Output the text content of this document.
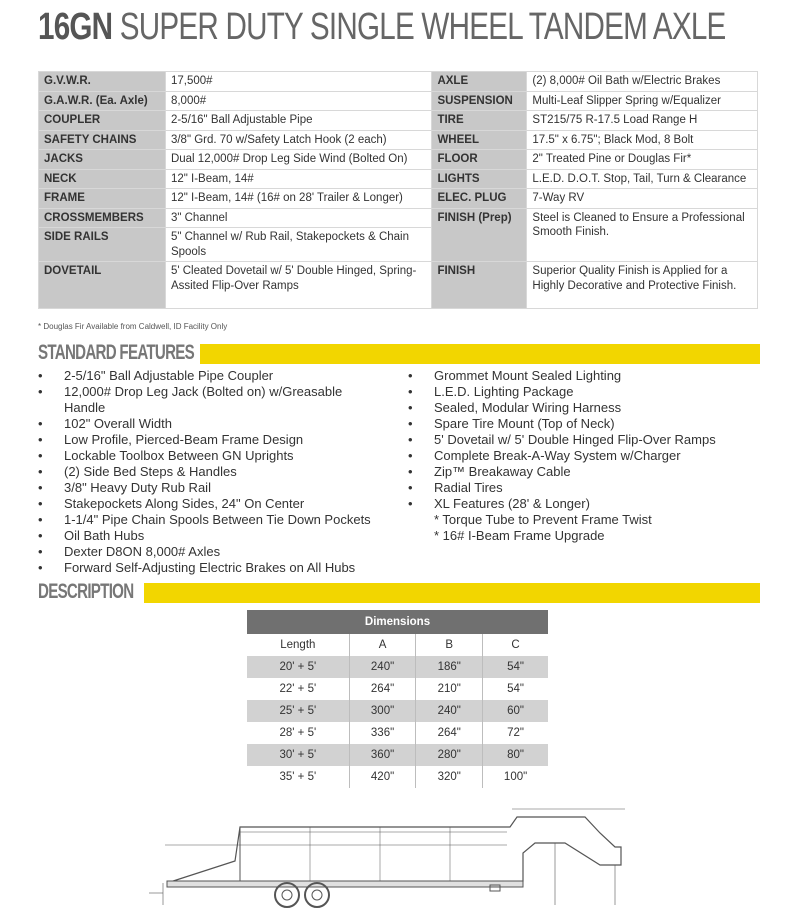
16GN SUPER DUTY SINGLE WHEEL TANDEM AXLE
G.V.W.R.	17,500#	AXLE	(2) 8,000# Oil Bath w/Electric Brakes
G.A.W.R. (Ea. Axle)	8,000#	SUSPENSION	Multi-Leaf Slipper Spring w/Equalizer
COUPLER	2-5/16" Ball Adjustable Pipe	TIRE	ST215/75 R-17.5 Load Range H
SAFETY CHAINS	3/8" Grd. 70 w/Safety Latch Hook (2 each)	WHEEL	17.5" x 6.75"; Black Mod, 8 Bolt
JACKS	Dual 12,000# Drop Leg Side Wind (Bolted On)	FLOOR	2" Treated Pine or Douglas Fir*
NECK	12" I-Beam, 14#	LIGHTS	L.E.D. D.O.T. Stop, Tail, Turn & Clearance
FRAME	12" I-Beam, 14# (16# on 28' Trailer & Longer)	ELEC. PLUG	7-Way RV
CROSSMEMBERS	3" Channel	FINISH (Prep)	Steel is Cleaned to Ensure a Professional Smooth Finish.
SIDE RAILS	5" Channel w/ Rub Rail, Stakepockets & Chain Spools		
DOVETAIL	5' Cleated Dovetail w/ 5' Double Hinged, Spring-Assited Flip-Over Ramps	FINISH	Superior Quality Finish is Applied for a Highly Decorative and Protective Finish.
* Douglas Fir Available from Caldwell, ID Facility Only
STANDARD FEATURES
• 2-5/16" Ball Adjustable Pipe Coupler
• 12,000# Drop Leg Jack (Bolted on) w/Greasable Handle
• 102" Overall Width
• Low Profile, Pierced-Beam Frame Design
• Lockable Toolbox Between GN Uprights
• (2) Side Bed Steps & Handles
• 3/8" Heavy Duty Rub Rail
• Stakepockets Along Sides, 24" On Center
• 1-1/4" Pipe Chain Spools Between Tie Down Pockets
• Oil Bath Hubs
• Dexter D8ON 8,000# Axles
• Forward Self-Adjusting Electric Brakes on All Hubs
• Grommet Mount Sealed Lighting
• L.E.D. Lighting Package
• Sealed, Modular Wiring Harness
• Spare Tire Mount (Top of Neck)
• 5' Dovetail w/ 5' Double Hinged Flip-Over Ramps
• Complete Break-A-Way System w/Charger
• Zip™ Breakaway Cable
• Radial Tires
• XL Features (28' & Longer)
* Torque Tube to Prevent Frame Twist
* 16# I-Beam Frame Upgrade
DESCRIPTION
Dimensions			
Length	A	B	C
20' + 5'	240"	186"	54"
22' + 5'	264"	210"	54"
25' + 5'	300"	240"	60"
28' + 5'	336"	264"	72"
30' + 5'	360"	280"	80"
35' + 5'	420"	320"	100"
